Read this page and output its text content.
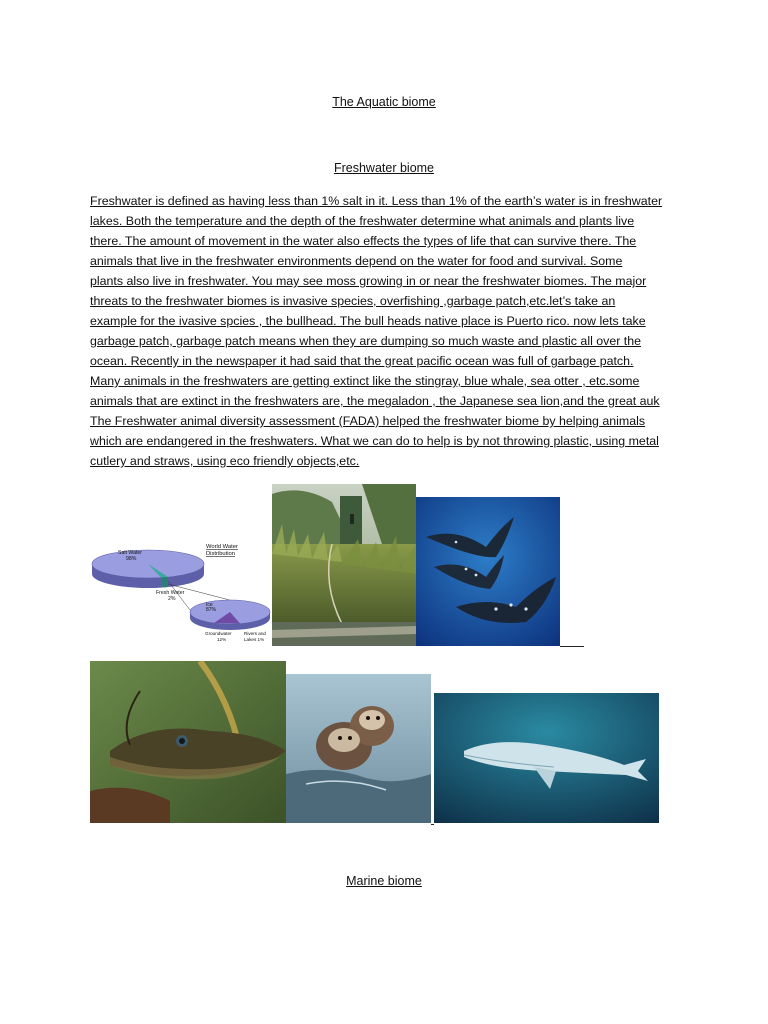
The Aquatic biome
Freshwater biome

Freshwater is defined as having less than 1% salt in it. Less than 1% of the earth’s water is in freshwater
lakes. Both the temperature and the depth of the freshwater determine what animals and plants live
there. The amount of movement in the water also effects the types of life that can survive there. The
animals that live in the freshwater environments depend on the water for food and survival. Some
plants also live in freshwater. You may see moss growing in or near the freshwater biomes. The major
threats to the freshwater biomes is invasive species, overfishing ,garbage patch,etc.let’s take an
example for the ivasive spcies , the bullhead. The bull heads native place is Puerto rico. now lets take
garbage patch, garbage patch means when they are dumping so much waste and plastic all over the
ocean. Recently in the newspaper it had said that the great pacific ocean was full of garbage patch.
Many animals in the freshwaters are getting extinct like the stingray, blue whale, sea otter , etc.some
animals that are extinct in the freshwaters are, the megaladon , the Japanese sea lion,and the great auk
The Freshwater animal diversity assessment (FADA) helped the freshwater biome by helping animals
which are endangered in the freshwaters. What we can do to help is by not throwing plastic, using metal
cutlery and straws, using eco friendly objects,etc.

Salt Water
98%
Fresh Water
2%
World Water
Distribution
Ice
87%
Groundwater
12%
Rivers and
Lakes 1%
Marine biome
